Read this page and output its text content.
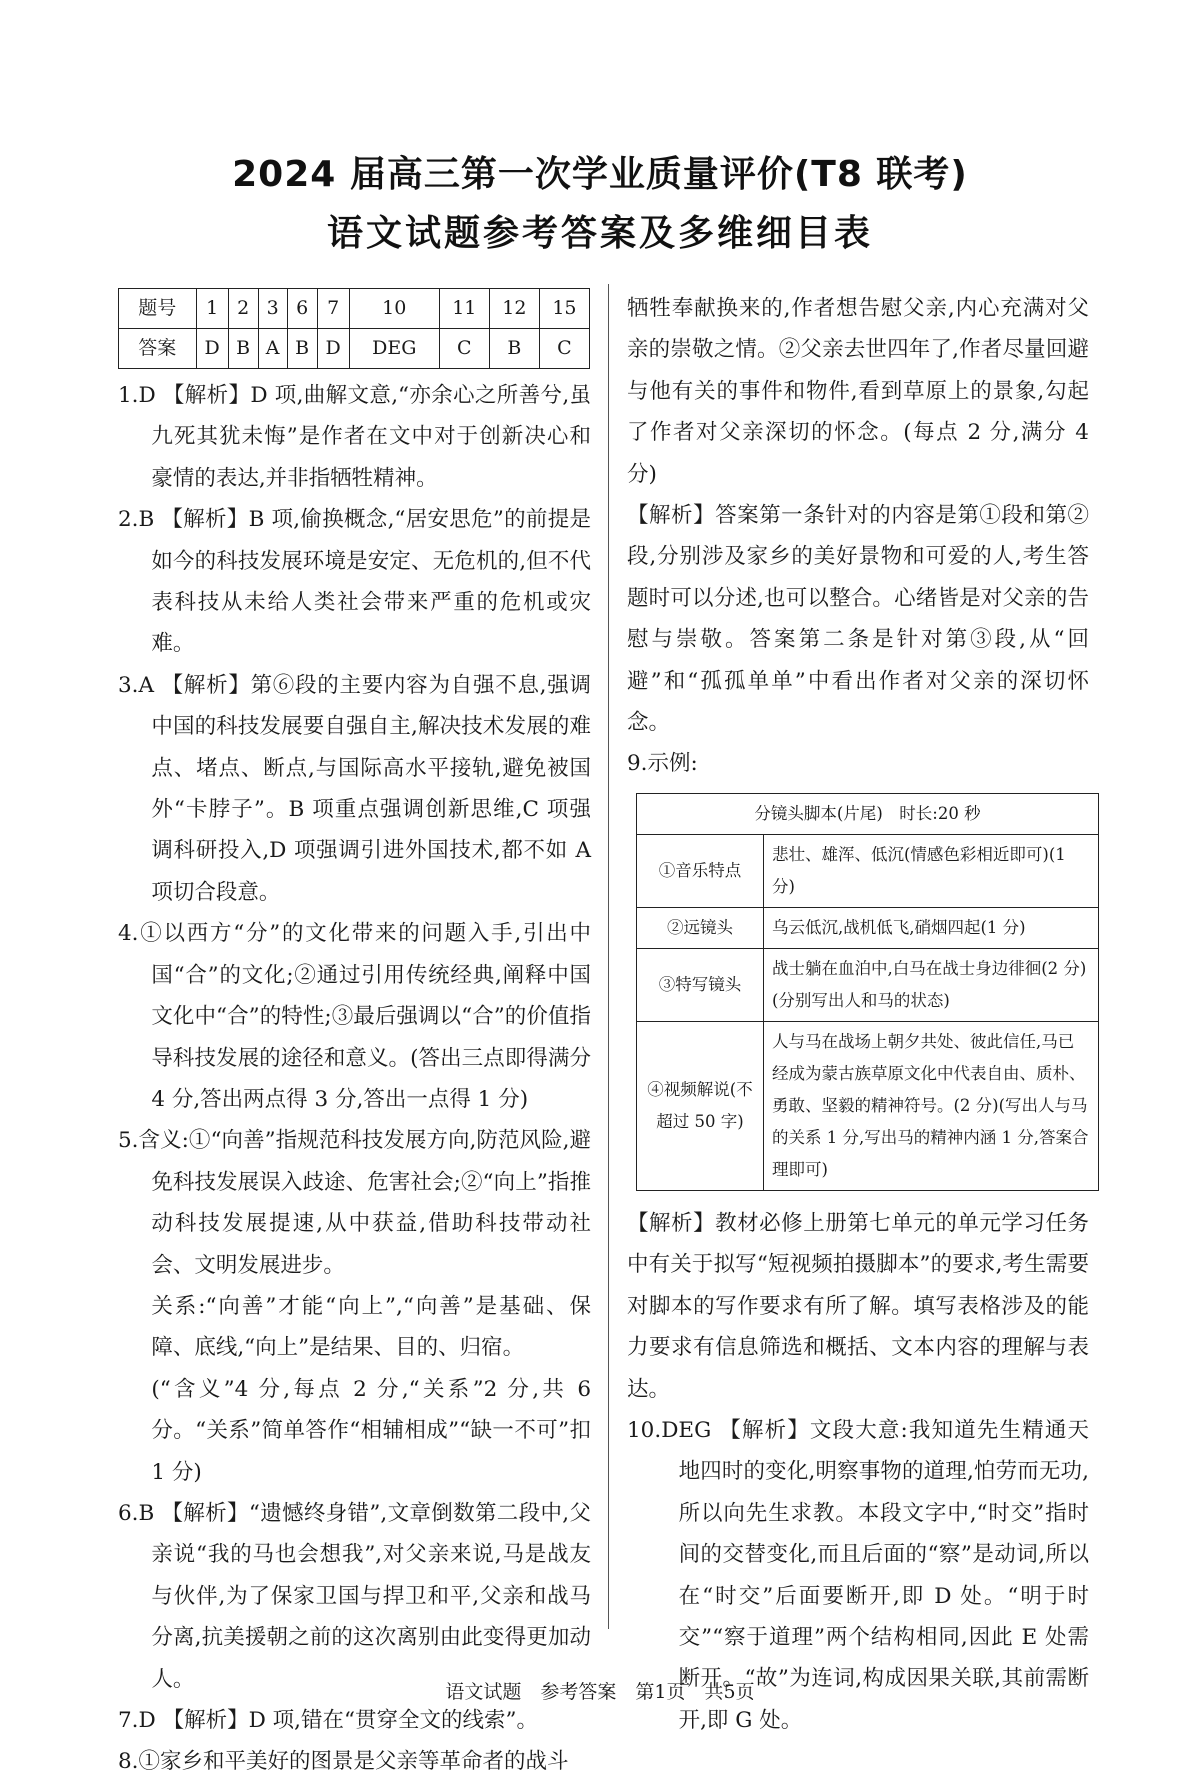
2024 届高三第一次学业质量评价(T8 联考)
语文试题参考答案及多维细目表
题号	1	2	3	6	7	10	11	12	15
答案	D	B	A	B	D	DEG	C	B	C

1.D 【解析】D 项,曲解文意,“亦余心之所善兮,虽九死其犹未悔”是作者在文中对于创新决心和豪情的表达,并非指牺牲精神。

2.B 【解析】B 项,偷换概念,“居安思危”的前提是如今的科技发展环境是安定、无危机的,但不代表科技从未给人类社会带来严重的危机或灾难。

3.A 【解析】第⑥段的主要内容为自强不息,强调中国的科技发展要自强自主,解决技术发展的难点、堵点、断点,与国际高水平接轨,避免被国外“卡脖子”。B 项重点强调创新思维,C 项强调科研投入,D 项强调引进外国技术,都不如 A 项切合段意。

4.①以西方“分”的文化带来的问题入手,引出中国“合”的文化;②通过引用传统经典,阐释中国文化中“合”的特性;③最后强调以“合”的价值指导科技发展的途径和意义。(答出三点即得满分 4 分,答出两点得 3 分,答出一点得 1 分)

5.含义:①“向善”指规范科技发展方向,防范风险,避免科技发展误入歧途、危害社会;②“向上”指推动科技发展提速,从中获益,借助科技带动社会、文明发展进步。

关系:“向善”才能“向上”,“向善”是基础、保障、底线,“向上”是结果、目的、归宿。

(“含义”4 分,每点 2 分,“关系”2 分,共 6 分。“关系”简单答作“相辅相成”“缺一不可”扣 1 分)

6.B 【解析】“遗憾终身错”,文章倒数第二段中,父亲说“我的马也会想我”,对父亲来说,马是战友与伙伴,为了保家卫国与捍卫和平,父亲和战马分离,抗美援朝之前的这次离别由此变得更加动人。

7.D 【解析】D 项,错在“贯穿全文的线索”。

8.①家乡和平美好的图景是父亲等革命者的战斗

牺牲奉献换来的,作者想告慰父亲,内心充满对父亲的崇敬之情。②父亲去世四年了,作者尽量回避与他有关的事件和物件,看到草原上的景象,勾起了作者对父亲深切的怀念。(每点 2 分,满分 4 分)

【解析】答案第一条针对的内容是第①段和第②段,分别涉及家乡的美好景物和可爱的人,考生答题时可以分述,也可以整合。心绪皆是对父亲的告慰与崇敬。答案第二条是针对第③段,从“回避”和“孤孤单单”中看出作者对父亲的深切怀念。

9.示例:

分镜头脚本(片尾)　时长:20 秒	
①音乐特点	悲壮、雄浑、低沉(情感色彩相近即可)(1 分)
②远镜头	乌云低沉,战机低飞,硝烟四起(1 分)
③特写镜头	战士躺在血泊中,白马在战士身边徘徊(2 分)(分别写出人和马的状态)
④视频解说(不超过 50 字)	人与马在战场上朝夕共处、彼此信任,马已经成为蒙古族草原文化中代表自由、质朴、勇敢、坚毅的精神符号。(2 分)(写出人与马的关系 1 分,写出马的精神内涵 1 分,答案合理即可)

【解析】教材必修上册第七单元的单元学习任务中有关于拟写“短视频拍摄脚本”的要求,考生需要对脚本的写作要求有所了解。填写表格涉及的能力要求有信息筛选和概括、文本内容的理解与表达。

10.DEG 【解析】文段大意:我知道先生精通天地四时的变化,明察事物的道理,怕劳而无功,所以向先生求教。本段文字中,“时交”指时间的交替变化,而且后面的“察”是动词,所以在“时交”后面要断开,即 D 处。“明于时交”“察于道理”两个结构相同,因此 E 处需断开。“故”为连词,构成因果关联,其前需断开,即 G 处。

语文试题　参考答案　第1页　共5页
